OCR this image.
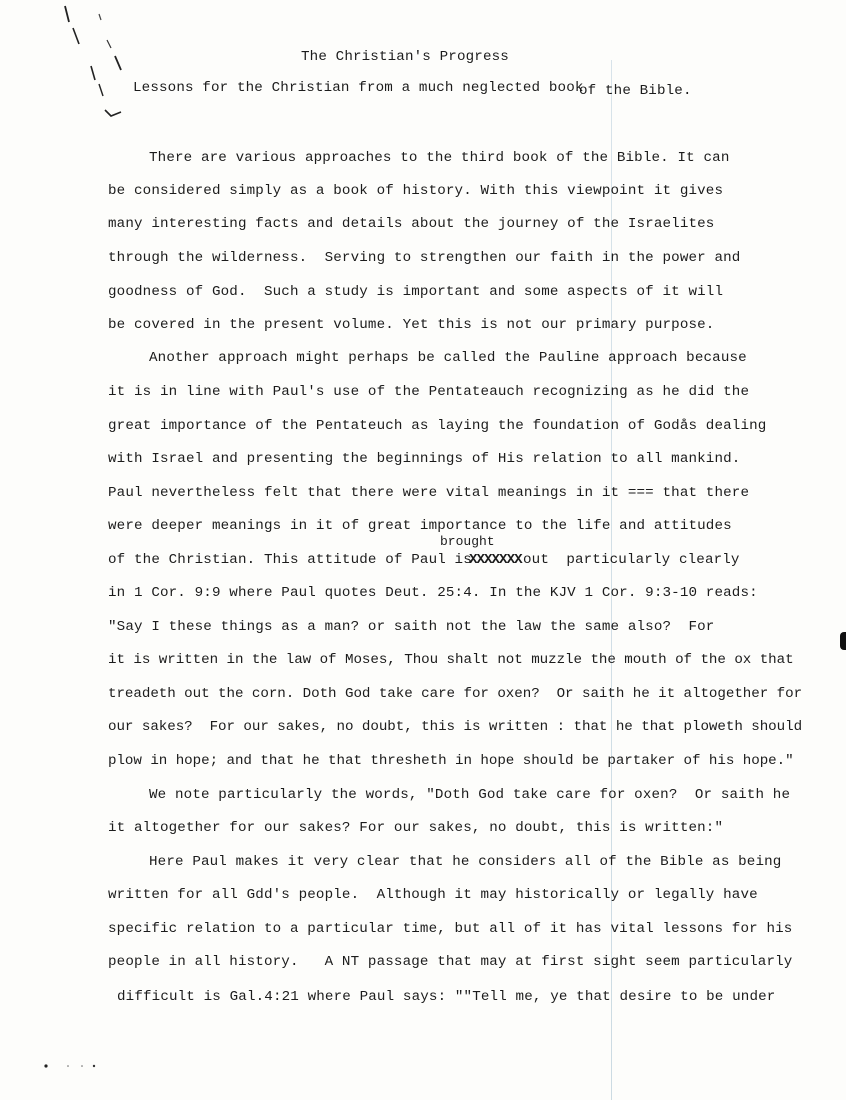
The Christian's Progress
Lessons for the Christian from a much neglected book
of the Bible.
There are various approaches to the third book of the Bible. It can
be considered simply as a book of history. With this viewpoint it gives
many interesting facts and details about the journey of the Israelites
through the wilderness.  Serving to strengthen our faith in the power and
goodness of God.  Such a study is important and some aspects of it will
be covered in the present volume. Yet this is not our primary purpose.
Another approach might perhaps be called the Pauline approach because
it is in line with Paul's use of the Pentateauch recognizing as he did the
great importance of the Pentateuch as laying the foundation of Godås dealing
with Israel and presenting the beginnings of His relation to all mankind.
Paul nevertheless felt that there were vital meanings in it === that there
were deeper meanings in it of great importance to the life and attitudes
brought
of the Christian. This attitude of Paul is
XXXXXXX out  particularly clearly
in 1 Cor. 9:9 where Paul quotes Deut. 25:4. In the KJV 1 Cor. 9:3-10 reads:
"Say I these things as a man? or saith not the law the same also?  For
it is written in the law of Moses, Thou shalt not muzzle the mouth of the ox that
treadeth out the corn. Doth God take care for oxen?  Or saith he it altogether for
our sakes?  For our sakes, no doubt, this is written : that he that ploweth should
plow in hope; and that he that thresheth in hope should be partaker of his hope."
We note particularly the words, "Doth God take care for oxen?  Or saith he
it altogether for our sakes? For our sakes, no doubt, this is written:"
Here Paul makes it very clear that he considers all of the Bible as being
written for all Gdd's people.  Although it may historically or legally have
specific relation to a particular time, but all of it has vital lessons for his
people in all history.   A NT passage that may at first sight seem particularly
difficult is Gal.4:21 where Paul says: ""Tell me, ye that desire to be under
